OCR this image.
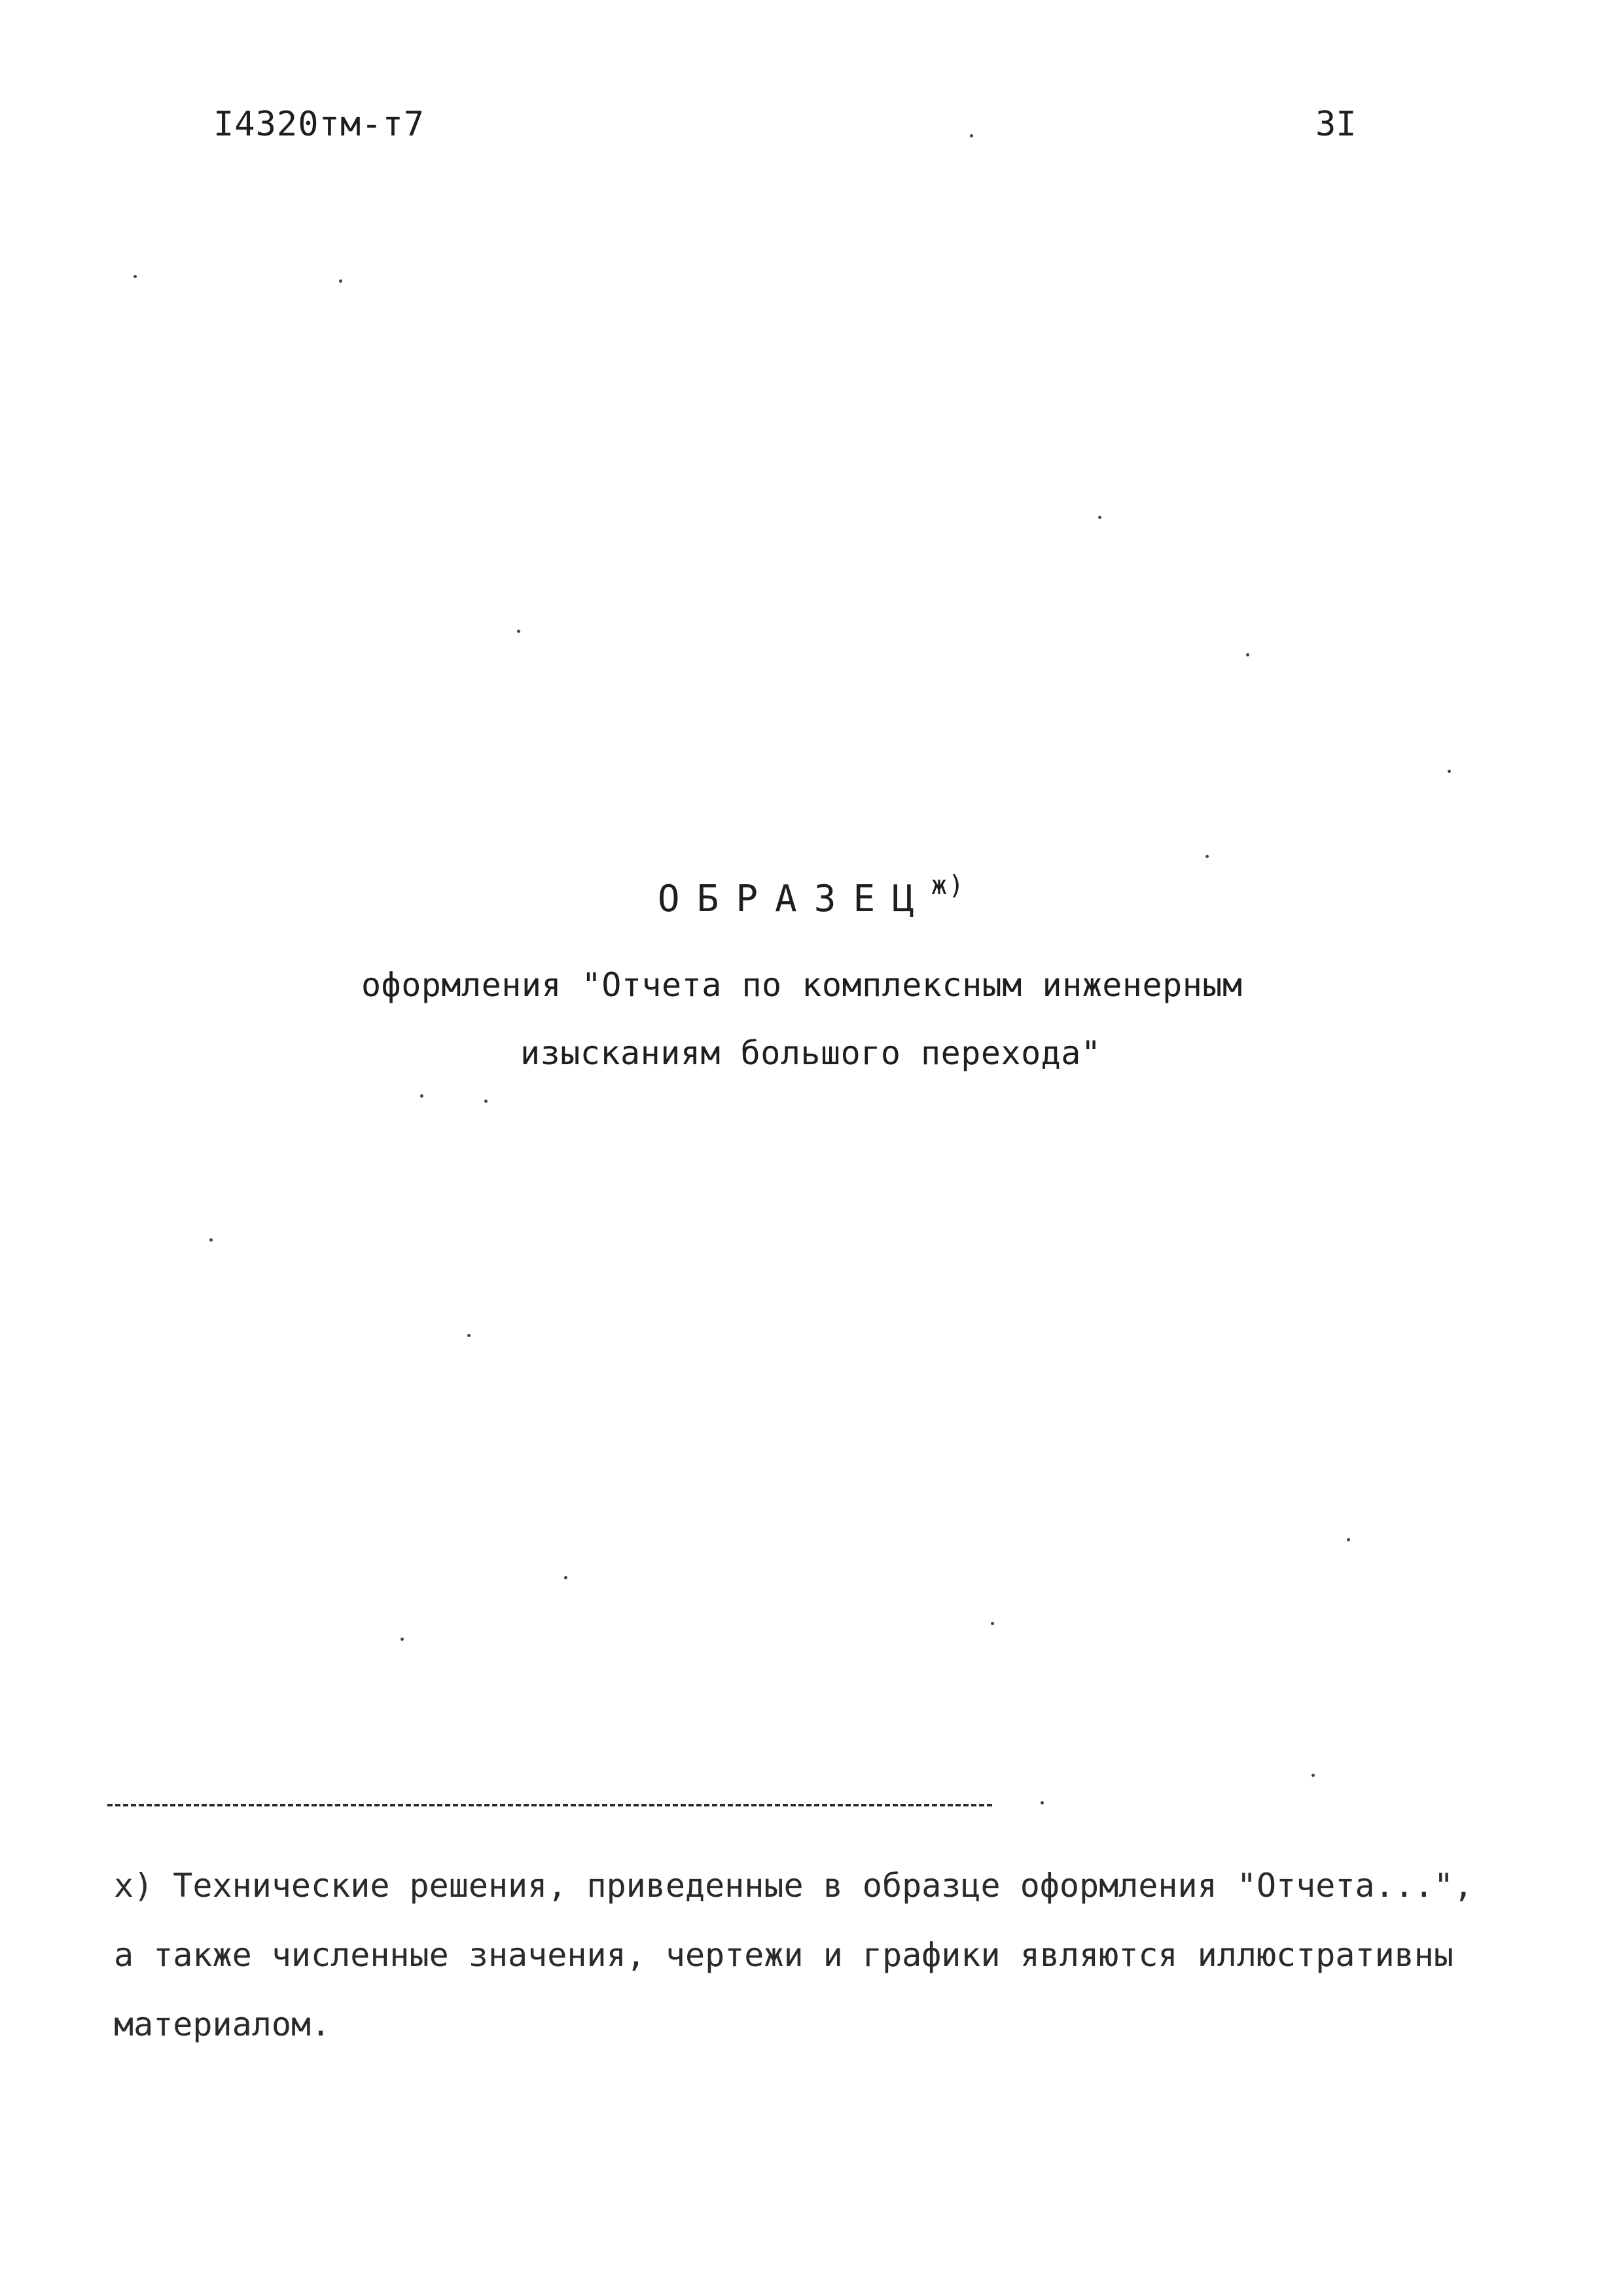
I4320тм-т7	3I
ОБРАЗЕЦж)
оформления "Отчета по комплексным инженерным
изысканиям большого перехода"
х) Технические решения, приведенные в образце оформления "Отчета...",
а также численные значения, чертежи и графики являются иллюстративны
материалом.
